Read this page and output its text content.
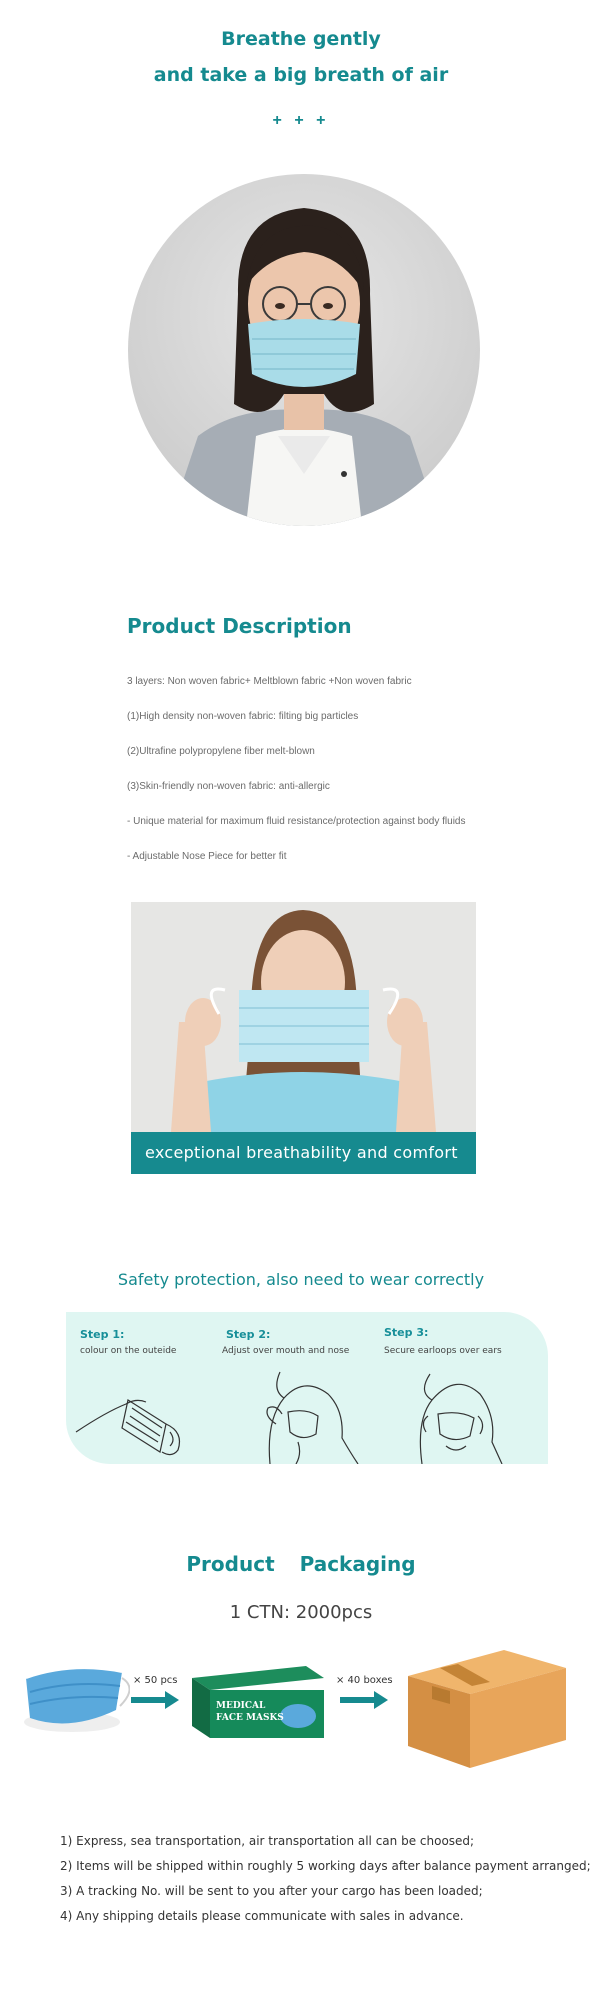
Breathe gently
and take a big breath of air
+ + +
Product Description
3 layers: Non woven fabric+ Meltblown fabric +Non woven fabric
(1)High density non-woven fabric: filting big particles
(2)Ultrafine polypropylene fiber melt-blown
(3)Skin-friendly non-woven fabric: anti-allergic
- Unique material for maximum fluid resistance/protection against body fluids
- Adjustable Nose Piece for better fit
exceptional breathability and comfort
Safety protection, also need to wear correctly
Step 1:
colour on the outeide
Step 2:
Adjust over mouth and nose
Step 3:
Secure earloops over ears
Product Packaging
1 CTN: 2000pcs
× 50 pcs
MEDICAL
FACE MASKS
× 40 boxes
1) Express, sea transportation, air transportation all can be choosed;
2) Items will be shipped within roughly 5 working days after balance payment arranged;
3) A tracking No. will be sent to you after your cargo has been loaded;
4) Any shipping details please communicate with sales in advance.
